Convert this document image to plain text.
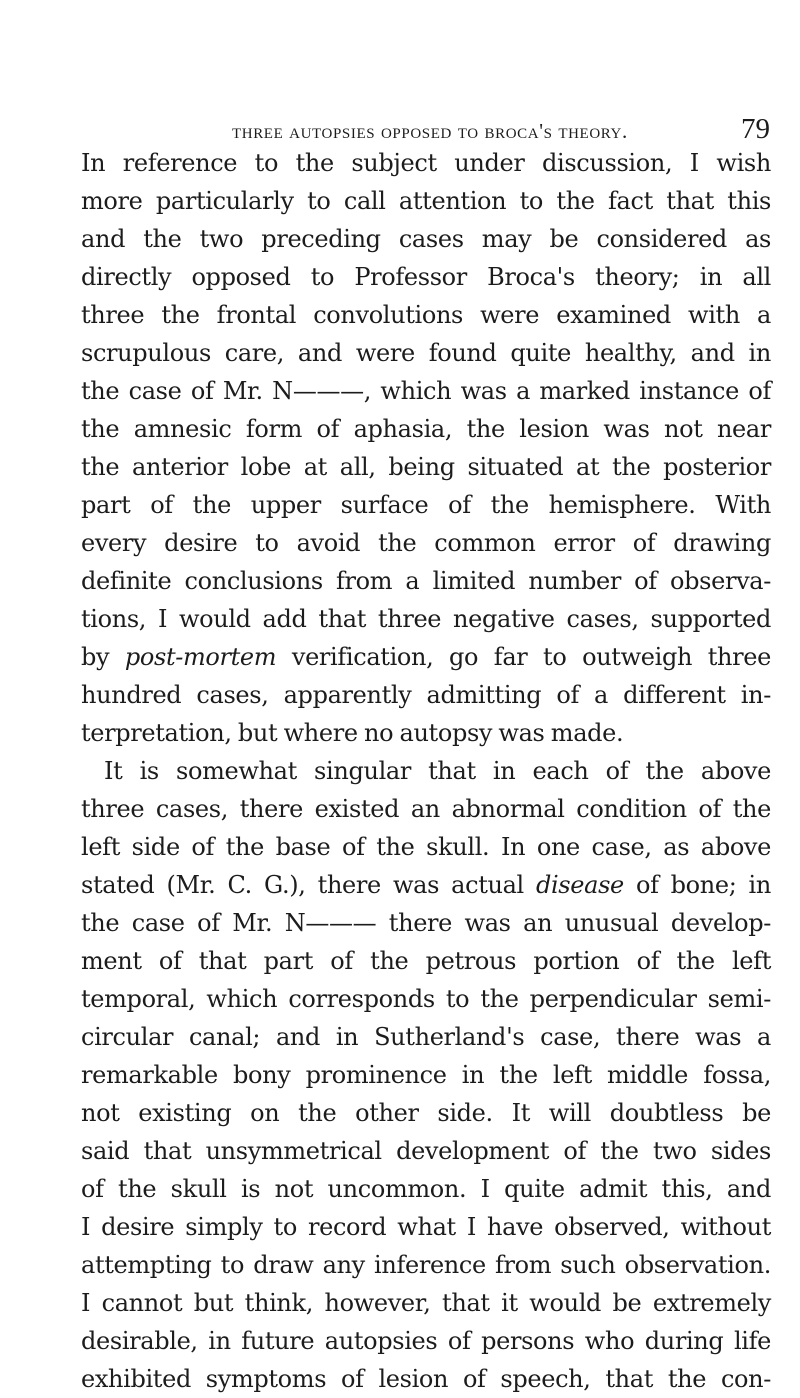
three autopsies opposed to broca's theory.	79
In reference to the subject under discussion, I wish
more particularly to call attention to the fact that this
and the two preceding cases may be considered as
directly opposed to Professor Broca's theory; in all
three the frontal convolutions were examined with a
scrupulous care, and were found quite healthy, and in
the case of Mr. N———, which was a marked instance of
the amnesic form of aphasia, the lesion was not near
the anterior lobe at all, being situated at the posterior
part of the upper surface of the hemisphere. With
every desire to avoid the common error of drawing
definite conclusions from a limited number of observa-
tions, I would add that three negative cases, supported
by post-mortem verification, go far to outweigh three
hundred cases, apparently admitting of a different in-
terpretation, but where no autopsy was made.
It is somewhat singular that in each of the above
three cases, there existed an abnormal condition of the
left side of the base of the skull. In one case, as above
stated (Mr. C. G.), there was actual disease of bone; in
the case of Mr. N——— there was an unusual develop-
ment of that part of the petrous portion of the left
temporal, which corresponds to the perpendicular semi-
circular canal; and in Sutherland's case, there was a
remarkable bony prominence in the left middle fossa,
not existing on the other side. It will doubtless be
said that unsymmetrical development of the two sides
of the skull is not uncommon. I quite admit this, and
I desire simply to record what I have observed, without
attempting to draw any inference from such observation.
I cannot but think, however, that it would be extremely
desirable, in future autopsies of persons who during life
exhibited symptoms of lesion of speech, that the con-
